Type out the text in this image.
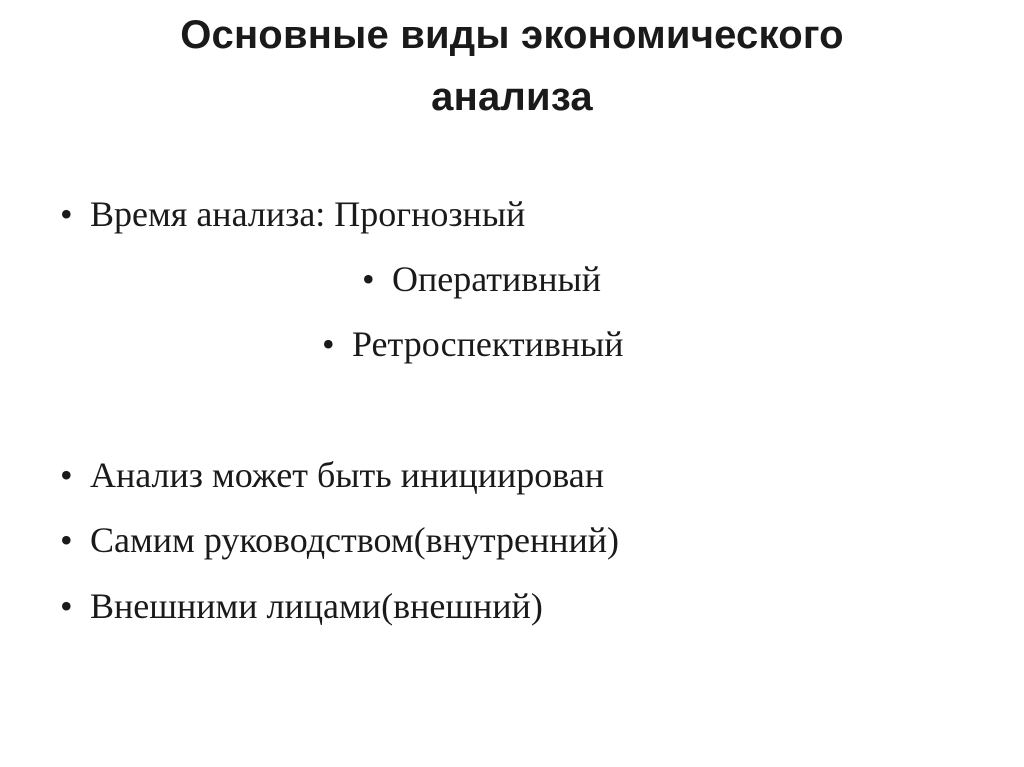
Основные виды экономического
анализа
• Время анализа: Прогнозный
• Оперативный
• Ретроспективный
• Анализ может быть инициирован
• Самим руководством(внутренний)
• Внешними лицами(внешний)
